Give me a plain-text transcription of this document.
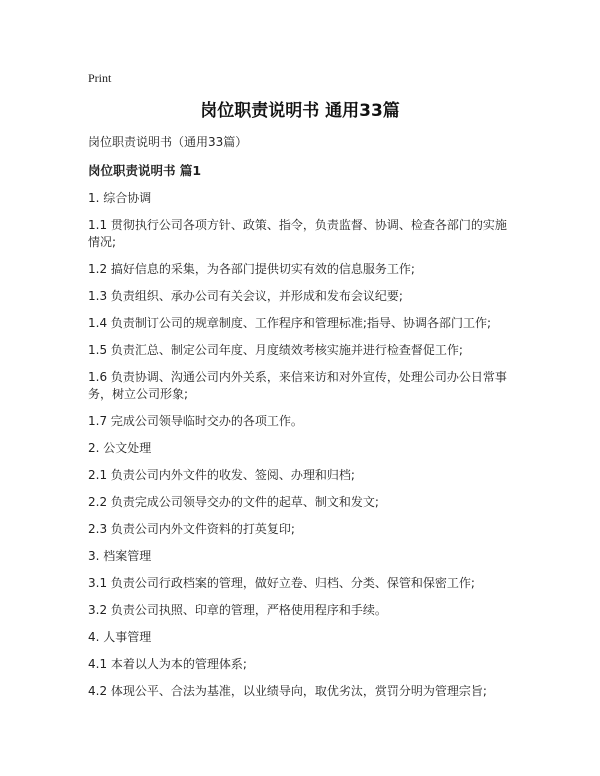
Print
岗位职责说明书 通用33篇

岗位职责说明书（通用33篇）

岗位职责说明书 篇1

1. 综合协调

1.1 贯彻执行公司各项方针、政策、指令，负责监督、协调、检查各部门的实施情况;

1.2 搞好信息的采集，为各部门提供切实有效的信息服务工作;

1.3 负责组织、承办公司有关会议，并形成和发布会议纪要;

1.4 负责制订公司的规章制度、工作程序和管理标准;指导、协调各部门工作;

1.5 负责汇总、制定公司年度、月度绩效考核实施并进行检查督促工作;

1.6 负责协调、沟通公司内外关系，来信来访和对外宣传，处理公司办公日常事务，树立公司形象;

1.7 完成公司领导临时交办的各项工作。

2. 公文处理

2.1 负责公司内外文件的收发、签阅、办理和归档;

2.2 负责完成公司领导交办的文件的起草、制文和发文;

2.3 负责公司内外文件资料的打英复印;

3. 档案管理

3.1 负责公司行政档案的管理，做好立卷、归档、分类、保管和保密工作;

3.2 负责公司执照、印章的管理，严格使用程序和手续。

4. 人事管理

4.1 本着以人为本的管理体系;

4.2 体现公平、合法为基准，以业绩导向，取优劣汰，赏罚分明为管理宗旨;
